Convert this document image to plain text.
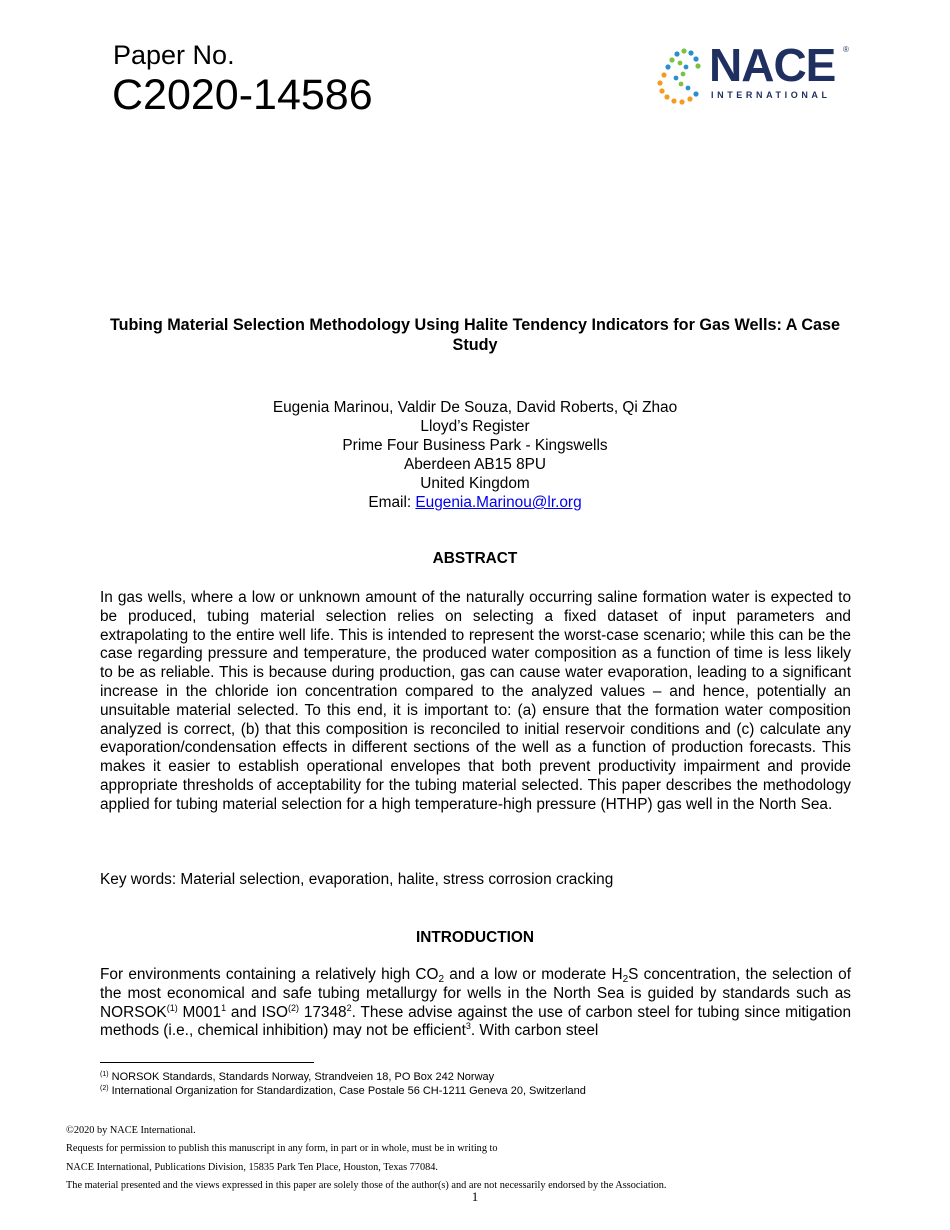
Paper No.
C2020-14586
NACE ®
INTERNATIONAL
Tubing Material Selection Methodology Using Halite Tendency Indicators for Gas Wells: A Case Study
Eugenia Marinou, Valdir De Souza, David Roberts, Qi Zhao
Lloyd’s Register
Prime Four Business Park - Kingswells
Aberdeen AB15 8PU
United Kingdom
Email: Eugenia.Marinou@lr.org
ABSTRACT
In gas wells, where a low or unknown amount of the naturally occurring saline formation water is expected to be produced, tubing material selection relies on selecting a fixed dataset of input parameters and extrapolating to the entire well life. This is intended to represent the worst-case scenario; while this can be the case regarding pressure and temperature, the produced water composition as a function of time is less likely to be as reliable. This is because during production, gas can cause water evaporation, leading to a significant increase in the chloride ion concentration compared to the analyzed values – and hence, potentially an unsuitable material selected. To this end, it is important to: (a) ensure that the formation water composition analyzed is correct, (b) that this composition is reconciled to initial reservoir conditions and (c) calculate any evaporation/condensation effects in different sections of the well as a function of production forecasts. This makes it easier to establish operational envelopes that both prevent productivity impairment and provide appropriate thresholds of acceptability for the tubing material selected. This paper describes the methodology applied for tubing material selection for a high temperature-high pressure (HTHP) gas well in the North Sea.
Key words: Material selection, evaporation, halite, stress corrosion cracking
INTRODUCTION
For environments containing a relatively high $CO_2$ and a low or moderate $H_2S$ concentration, the selection of the most economical and safe tubing metallurgy for wells in the North Sea is guided by standards such as NORSOK$^{(1)}$ $M001^1$ and ISO$^{(2)}$ 17348$^2$. These advise against the use of carbon steel for tubing since mitigation methods (i.e., chemical inhibition) may not be efficient$^3$. With carbon steel
$^{(1)}$ NORSOK Standards, Standards Norway, Strandveien 18, PO Box 242 Norway
$^{(2)}$ International Organization for Standardization, Case Postale 56 CH-1211 Geneva 20, Switzerland
©2020 by NACE International.
Requests for permission to publish this manuscript in any form, in part or in whole, must be in writing to
NACE International, Publications Division, 15835 Park Ten Place, Houston, Texas 77084.
The material presented and the views expressed in this paper are solely those of the author(s) and are not necessarily endorsed by the Association.
1
